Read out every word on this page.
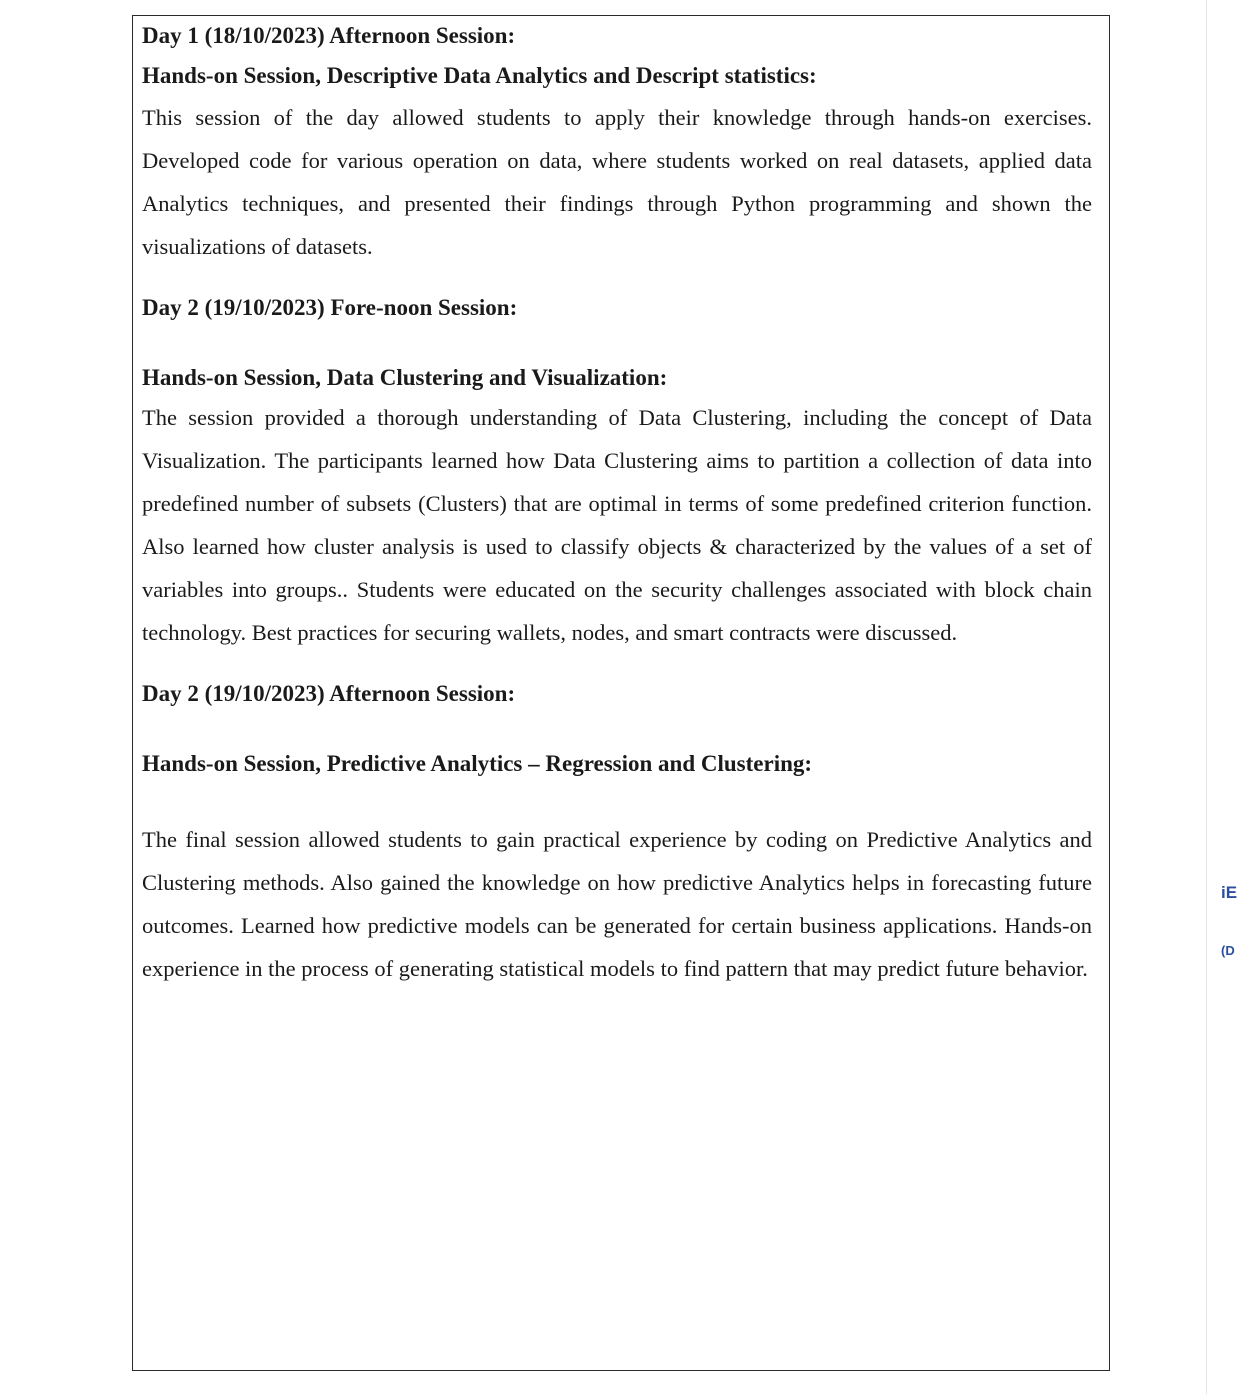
Day 1 (18/10/2023) Afternoon Session:

Hands-on Session, Descriptive Data Analytics and Descript statistics:

This session of the day allowed students to apply their knowledge through hands-on exercises. Developed code for various operation on data, where students worked on real datasets, applied data Analytics techniques, and presented their findings through Python programming and shown the visualizations of datasets.

Day 2 (19/10/2023) Fore-noon Session:

Hands-on Session, Data Clustering and Visualization:

The session provided a thorough understanding of Data Clustering, including the concept of Data Visualization. The participants learned how Data Clustering aims to partition a collection of data into predefined number of subsets (Clusters) that are optimal in terms of some predefined criterion function. Also learned how cluster analysis is used to classify objects & characterized by the values of a set of variables into groups.. Students were educated on the security challenges associated with block chain technology. Best practices for securing wallets, nodes, and smart contracts were discussed.

Day 2 (19/10/2023) Afternoon Session:

Hands-on Session, Predictive Analytics – Regression and Clustering:

The final session allowed students to gain practical experience by coding on Predictive Analytics and Clustering methods. Also gained the knowledge on how predictive Analytics helps in forecasting future outcomes. Learned how predictive models can be generated for certain business applications. Hands-on experience in the process of generating statistical models to find pattern that may predict future behavior.

iE
(D
